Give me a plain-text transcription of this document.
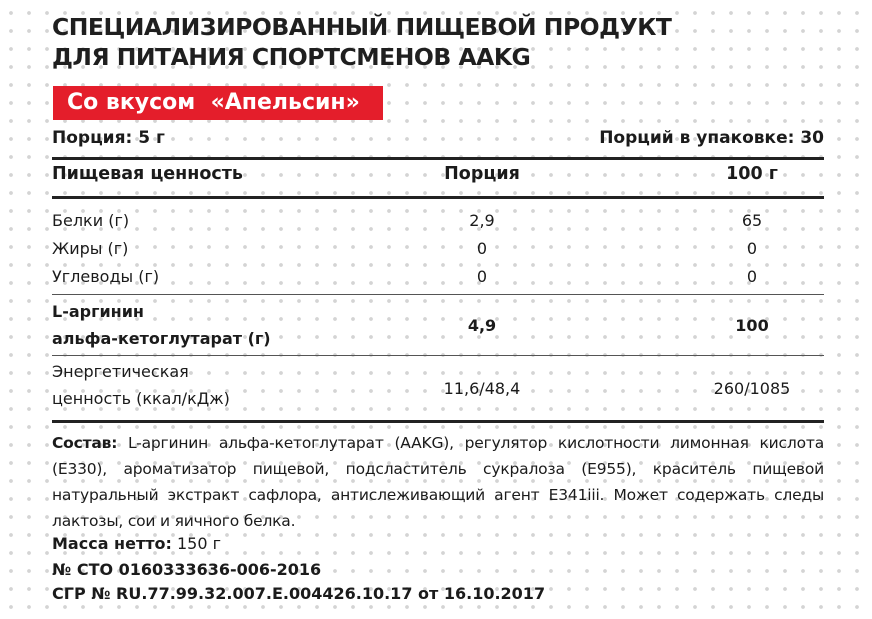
СПЕЦИАЛИЗИРОВАННЫЙ ПИЩЕВОЙ ПРОДУКТ
ДЛЯ ПИТАНИЯ СПОРТСМЕНОВ AAKG
Со вкусом  «Апельсин»
Порция: 5 г	Порций в упаковке: 30
Пищевая ценность	Порция	100 г
Белки (г)	2,9	65
Жиры (г)	0	0
Углеводы (г)	0	0
L-аргинин
альфа-кетоглутарат (г)
4,9	100
Энергетическая
ценность (ккал/кДж)
11,6/48,4	260/1085

Состав: L-аргинин альфа-кетоглутарат (AAKG), регулятор кислотности лимонная кислота (Е330), ароматизатор пищевой, подсластитель сукралоза (Е955), краситель пищевой натуральный экстракт сафлора, антислеживающий агент Е341iii. Может содержать следы лактозы, сои и яичного белка.

Масса нетто: 150 г
№ СТО 0160333636-006-2016
СГР № RU.77.99.32.007.Е.004426.10.17 от 16.10.2017
